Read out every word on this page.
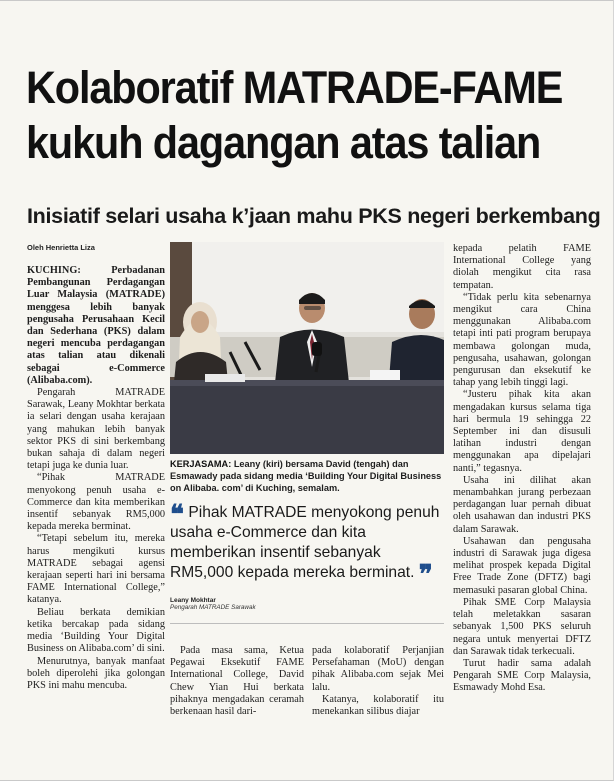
Kolaboratif MATRADE-FAME
kukuh dagangan atas talian
Inisiatif selari usaha k’jaan mahu PKS negeri berkembang
Oleh Henrietta Liza

KUCHING: Perbadanan Pembangunan Perdagangan Luar Malaysia (MATRADE) menggesa lebih banyak pengusaha Perusahaan Kecil dan Sederhana (PKS) dalam negeri mencuba perdagangan atas talian atau dikenali sebagai e-Commerce (Alibaba.com).

Pengarah MATRADE Sarawak, Leany Mokhtar berkata ia selari dengan usaha kerajaan yang mahukan lebih banyak sektor PKS di sini berkembang bukan sahaja di dalam negeri tetapi juga ke dunia luar.

“Pihak MATRADE menyokong penuh usaha e-Commerce dan kita memberikan insentif sebanyak RM5,000 kepada mereka berminat.

“Tetapi sebelum itu, mereka harus mengikuti kursus MATRADE sebagai agensi kerajaan seperti hari ini bersama FAME International College,” katanya.

Beliau berkata demikian ketika bercakap pada sidang media ‘Building Your Digital Business on Alibaba.com’ di sini.

Menurutnya, banyak manfaat boleh diperolehi jika golongan PKS ini mahu mencuba.

KERJASAMA: Leany (kiri) bersama David (tengah) dan Esmawady pada sidang media ‘Building Your Digital Business on Alibaba. com’ di Kuching, semalam.
❝ Pihak MATRADE menyokong penuh usaha e-Commerce dan kita memberikan insentif sebanyak RM5,000 kepada mereka berminat. ❞
Leany Mokhtar
Pengarah MATRADE Sarawak

Pada masa sama, Ketua Pegawai Eksekutif FAME International College, David Chew Yian Hui berkata pihaknya mengadakan ceramah berkenaan hasil dari-

pada kolaboratif Perjanjian Persefahaman (MoU) dengan pihak Alibaba.com sejak Mei lalu.

Katanya, kolaboratif itu menekankan silibus diajar

kepada pelatih FAME International College yang diolah mengikut cita rasa tempatan.

“Tidak perlu kita sebenarnya mengikut cara China menggunakan Alibaba.com tetapi inti pati program berupaya membawa golongan muda, pengusaha, usahawan, golongan pengurusan dan eksekutif ke tahap yang lebih tinggi lagi.

“Justeru pihak kita akan mengadakan kursus selama tiga hari bermula 19 sehingga 22 September ini dan disusuli latihan industri dengan menggunakan apa dipelajari nanti,” tegasnya.

Usaha ini dilihat akan menambahkan jurang perbezaan perdagangan luar pernah dibuat oleh usahawan dan industri PKS dalam Sarawak.

Usahawan dan pengusaha industri di Sarawak juga digesa melihat prospek kepada Digital Free Trade Zone (DFTZ) bagi memasuki pasaran global China.

Pihak SME Corp Malaysia telah meletakkan sasaran sebanyak 1,500 PKS seluruh negara untuk menyertai DFTZ dan Sarawak tidak terkecuali.

Turut hadir sama adalah Pengarah SME Corp Malaysia, Esmawady Mohd Esa.
